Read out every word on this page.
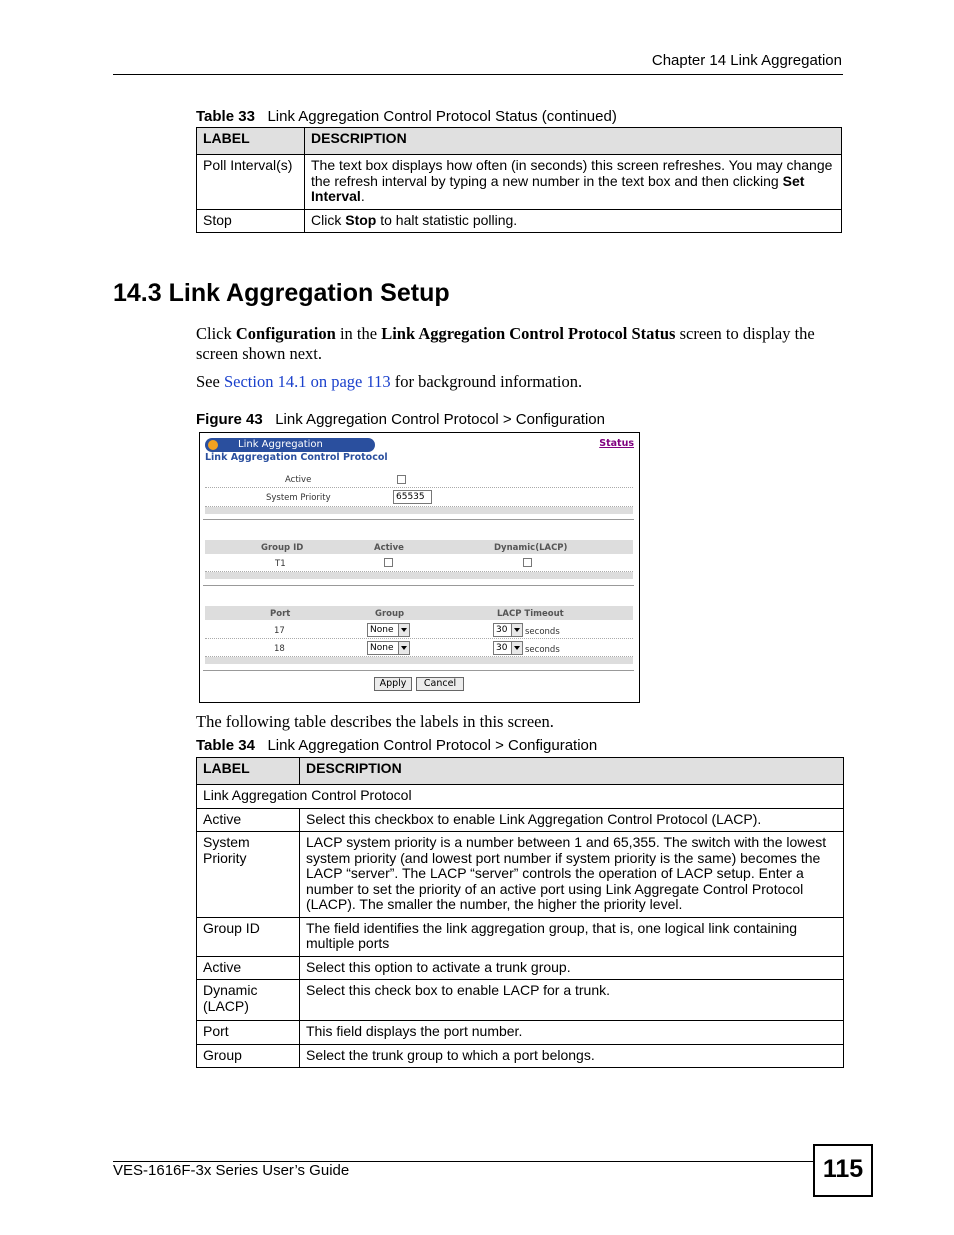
Chapter 14 Link Aggregation
Table 33 Link Aggregation Control Protocol Status (continued)
LABEL	DESCRIPTION
Poll Interval(s)	The text box displays how often (in seconds) this screen refreshes. You may change the refresh interval by typing a new number in the text box and then clicking Set Interval.
Stop	Click Stop to halt statistic polling.
14.3 Link Aggregation Setup
Click Configuration in the Link Aggregation Control Protocol Status screen to display the screen shown next.
See Section 14.1 on page 113 for background information.
Figure 43 Link Aggregation Control Protocol > Configuration
Link Aggregation	Status
Link Aggregation Control Protocol
Active
System Priority	65535
Group ID	Active	Dynamic(LACP)
T1
Port	Group	LACP Timeout
17	None	30	seconds
18	None	30	seconds
Apply	Cancel
The following table describes the labels in this screen.
Table 34 Link Aggregation Control Protocol > Configuration
LABEL	DESCRIPTION
Link Aggregation Control Protocol	
Active	Select this checkbox to enable Link Aggregation Control Protocol (LACP).
System Priority	LACP system priority is a number between 1 and 65,355. The switch with the lowest system priority (and lowest port number if system priority is the same) becomes the LACP “server”. The LACP “server” controls the operation of LACP setup. Enter a number to set the priority of an active port using Link Aggregate Control Protocol (LACP). The smaller the number, the higher the priority level.
Group ID	The field identifies the link aggregation group, that is, one logical link containing multiple ports
Active	Select this option to activate a trunk group.
Dynamic (LACP)	Select this check box to enable LACP for a trunk.
Port	This field displays the port number.
Group	Select the trunk group to which a port belongs.
VES-1616F-3x Series User’s Guide	115
